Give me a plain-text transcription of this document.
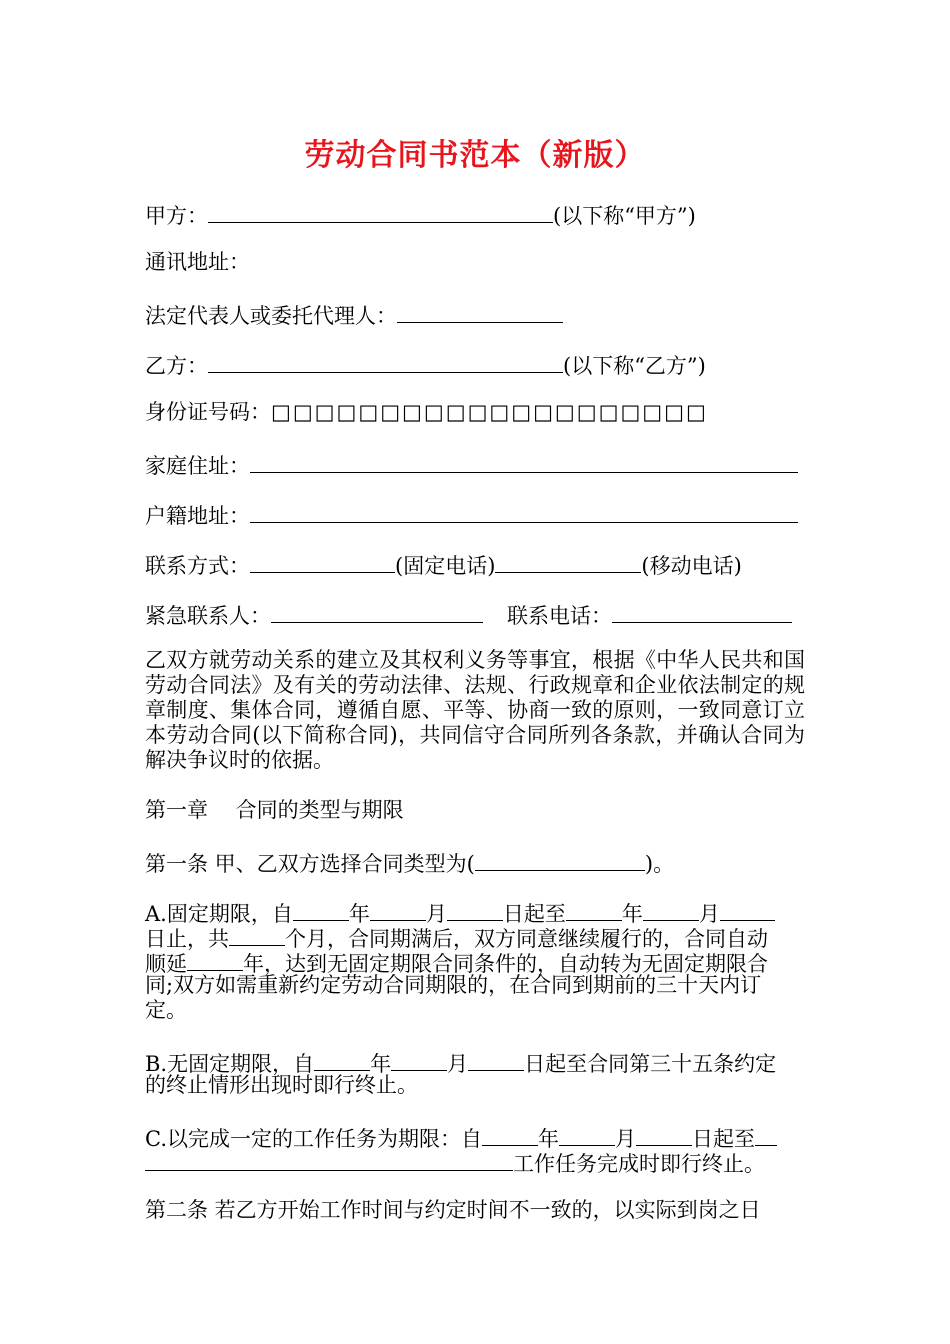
劳动合同书范本（新版）
甲方：	(以下称“甲方”)
通讯地址：
法定代表人或委托代理人：
乙方：	(以下称“乙方”)
身份证号码：□□□□□□□□□□□□□□□□□□□□
家庭住址：
户籍地址：
联系方式：	(固定电话)	(移动电话)
紧急联系人：	联系电话：
乙双方就劳动关系的建立及其权利义务等事宜，根据《中华人民共和国劳动合同法》及有关的劳动法律、法规、行政规章和企业依法制定的规章制度、集体合同，遵循自愿、平等、协商一致的原则，一致同意订立本劳动合同(以下简称合同)，共同信守合同所列各条款，并确认合同为解决争议时的依据。
第一章　 合同的类型与期限
第一条 甲、乙双方选择合同类型为(	)。
A.固定期限，自	年	月	日起至	年	月
日止，共	个月，合同期满后，双方同意继续履行的，合同自动
顺延	年，达到无固定期限合同条件的，自动转为无固定期限合
同;双方如需重新约定劳动合同期限的，在合同到期前的三十天内订
定。
B.无固定期限，自	年	月	日起至合同第三十五条约定
的终止情形出现时即行终止。
C.以完成一定的工作任务为期限：自	年	月	日起至
工作任务完成时即行终止。
第二条 若乙方开始工作时间与约定时间不一致的，以实际到岗之日
